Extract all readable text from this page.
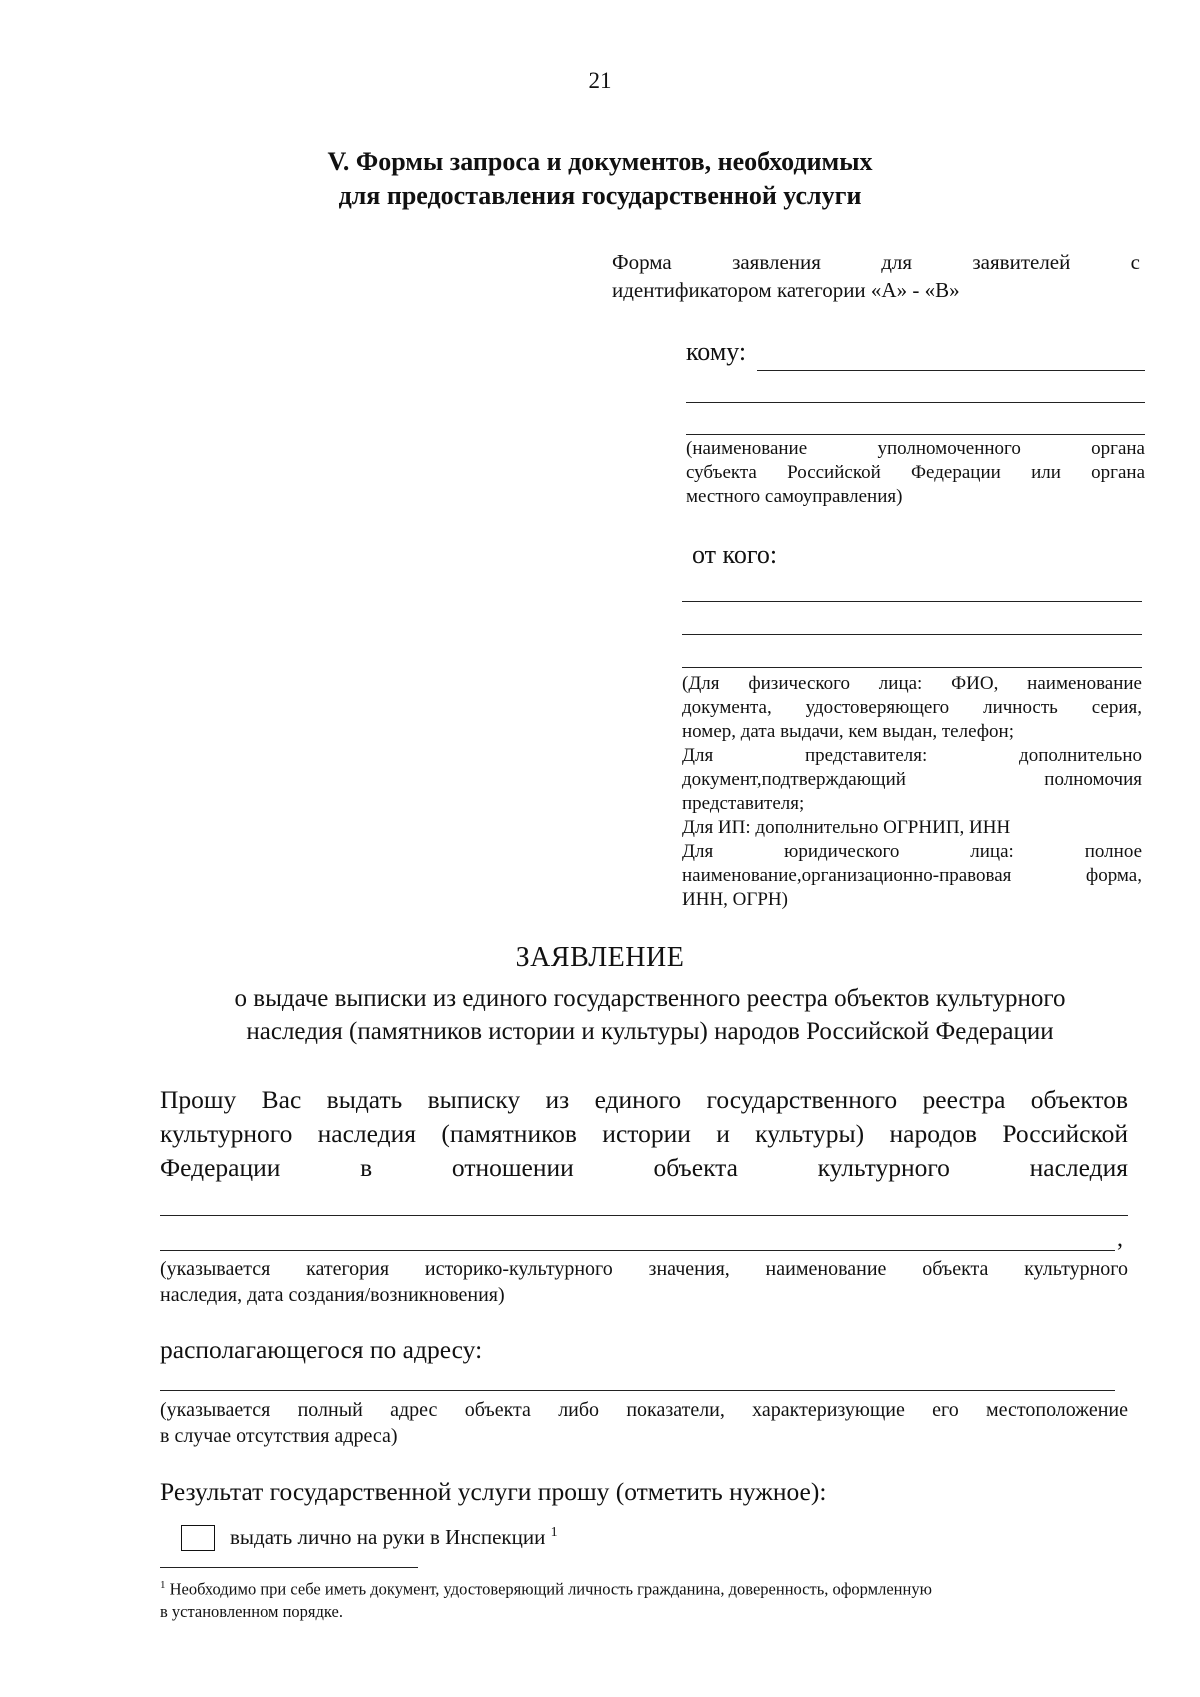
21
V. Формы запроса и документов, необходимых
для предоставления государственной услуги
Форма заявления для заявителей с
идентификатором категории «А» - «В»
кому:
(наименование уполномоченного органа
субъекта Российской Федерации или органа
местного самоуправления)
от кого:
(Для физического лица: ФИО, наименование
документа, удостоверяющего личность серия,
номер, дата выдачи, кем выдан, телефон;
Для представителя: дополнительно
документ,подтверждающий полномочия
представителя;
Для ИП: дополнительно ОГРНИП, ИНН
Для юридического лица: полное
наименование,организационно-правовая форма,
ИНН, ОГРН)
ЗАЯВЛЕНИЕ
о выдаче выписки из единого государственного реестра объектов культурного
наследия (памятников истории и культуры) народов Российской Федерации
Прошу Вас выдать выписку из единого государственного реестра объектов
культурного наследия (памятников истории и культуры) народов Российской
Федерации в отношении объекта культурного наследия
,
(указывается категория историко-культурного значения, наименование объекта культурного
наследия, дата создания/возникновения)
располагающегося по адресу:
(указывается полный адрес объекта либо показатели, характеризующие его местоположение
в случае отсутствия адреса)
Результат государственной услуги прошу (отметить нужное):
выдать лично на руки в Инспекции $^1$
$^1$ Необходимо при себе иметь документ, удостоверяющий личность гражданина, доверенность, оформленную
в установленном порядке.
